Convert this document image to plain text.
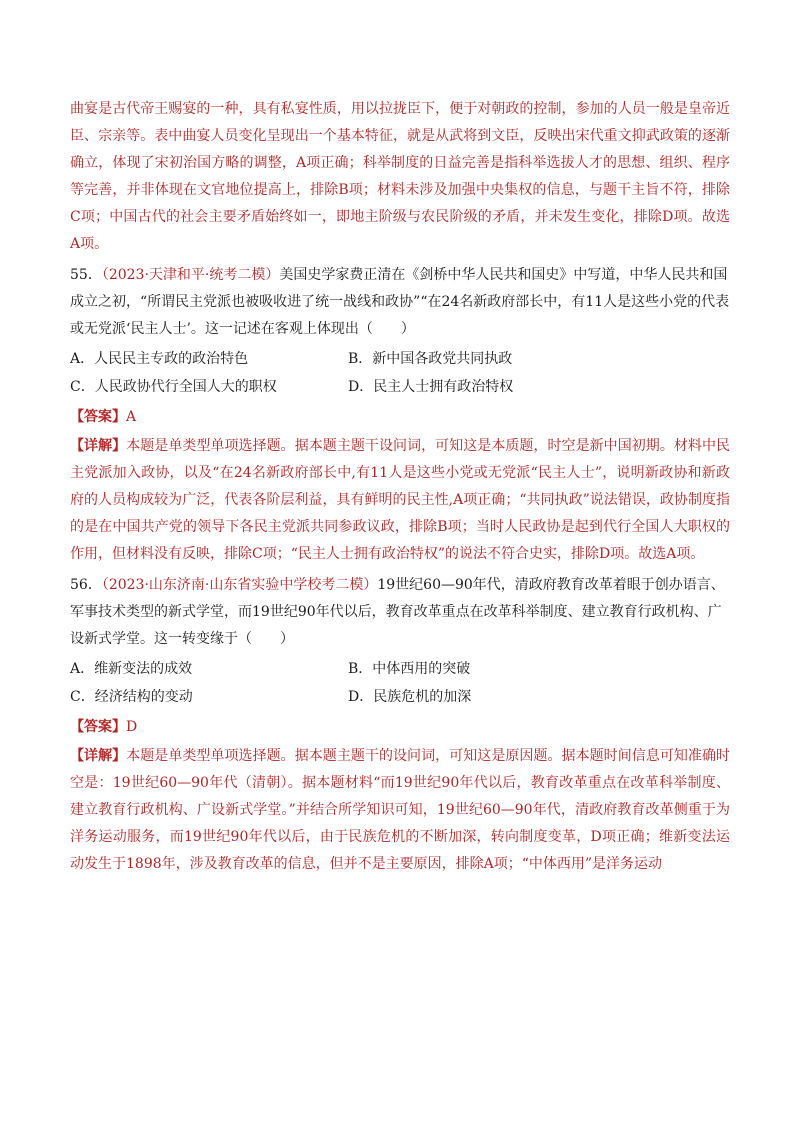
曲宴是古代帝王赐宴的一种，具有私宴性质，用以拉拢臣下，便于对朝政的控制，参加的人员一般是皇帝近臣、宗亲等。表中曲宴人员变化呈现出一个基本特征，就是从武将到文臣，反映出宋代重文抑武政策的逐渐确立，体现了宋初治国方略的调整，A项正确；科举制度的日益完善是指科举选拔人才的思想、组织、程序等完善，并非体现在文官地位提高上，排除B项；材料未涉及加强中央集权的信息，与题干主旨不符，排除C项；中国古代的社会主要矛盾始终如一，即地主阶级与农民阶级的矛盾，并未发生变化，排除D项。故选A项。

55．（2023·天津和平·统考二模）美国史学家费正清在《剑桥中华人民共和国史》中写道，中华人民共和国成立之初，“所谓民主党派也被吸收进了统一战线和政协”“在24名新政府部长中，有11人是这些小党的代表或无党派‘民主人士’。这一记述在客观上体现出（　　）

A．人民民主专政的政治特色	B．新中国各政党共同执政
C．人民政协代行全国人大的职权	D．民主人士拥有政治特权

【答案】A

【详解】本题是单类型单项选择题。据本题主题干设问词，可知这是本质题，时空是新中国初期。材料中民主党派加入政协，以及“在24名新政府部长中,有11人是这些小党或无党派“民主人士”，说明新政协和新政府的人员构成较为广泛，代表各阶层利益，具有鲜明的民主性,A项正确；“共同执政”说法错误，政协制度指的是在中国共产党的领导下各民主党派共同参政议政，排除B项；当时人民政协是起到代行全国人大职权的作用，但材料没有反映，排除C项；“民主人士拥有政治特权”的说法不符合史实，排除D项。故选A项。

56．（2023·山东济南·山东省实验中学校考二模）19世纪60—90年代，清政府教育改革着眼于创办语言、军事技术类型的新式学堂，而19世纪90年代以后，教育改革重点在改革科举制度、建立教育行政机构、广设新式学堂。这一转变缘于（　　）

A．维新变法的成效	B．中体西用的突破
C．经济结构的变动	D．民族危机的加深

【答案】D

【详解】本题是单类型单项选择题。据本题主题干的设问词，可知这是原因题。据本题时间信息可知准确时空是：19世纪60—90年代（清朝）。据本题材料“而19世纪90年代以后，教育改革重点在改革科举制度、建立教育行政机构、广设新式学堂。”并结合所学知识可知，19世纪60—90年代，清政府教育改革侧重于为洋务运动服务，而19世纪90年代以后，由于民族危机的不断加深，转向制度变革，D项正确；维新变法运动发生于1898年，涉及教育改革的信息，但并不是主要原因，排除A项；“中体西用”是洋务运动
